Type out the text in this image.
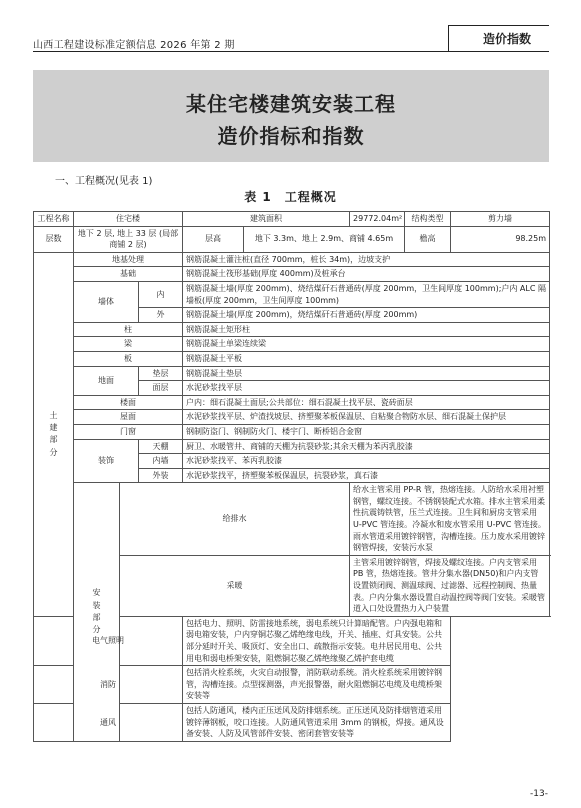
山西工程建设标准定额信息 2026 年第 2 期	造价指数
某住宅楼建筑安装工程
造价指标和指数
一、工程概况(见表 1)
表 1　工程概况
工程名称	住宅楼			建筑面积		29772.04m²	结构类型	剪力墙
层数	地下 2 层, 地上 33 层 (局部商铺 2 层)			层高	地下 3.3m、地上 2.9m、商铺 4.65m		檐高	98.25m
土建部分	地基处理			钢筋混凝土灌注桩(直径 700mm，桩长 34m)，边坡支护				
	基础			钢筋混凝土筏形基础(厚度 400mm)及桩承台				
	墙体		内	钢筋混凝土墙(厚度 200mm)、烧结煤矸石普通砖(厚度 200mm，卫生间厚度 100mm);户内 ALC 隔墙板(厚度 200mm，卫生间厚度 100mm)				
			外	钢筋混凝土墙(厚度 200mm)，烧结煤矸石普通砖(厚度 200mm)				
	柱			钢筋混凝土矩形柱				
	梁			钢筋混凝土单梁连续梁				
	板			钢筋混凝土平板				
	地面		垫层	钢筋混凝土垫层				
			面层	水泥砂浆找平层				
	楼面			户内：细石混凝土面层;公共部位：细石混凝土找平层、瓷砖面层				
	屋面			水泥砂浆找平层、炉渣找坡层、挤塑聚苯板保温层、自粘聚合物防水层、细石混凝土保护层				
	门窗			钢制防盗门、钢制防火门、楼宇门、断桥铝合金窗				
	装饰		天棚	厨卫、水暖管井、商铺的天棚为抗裂砂浆;其余天棚为苯丙乳胶漆				
			内墙	水泥砂浆找平、苯丙乳胶漆				
			外装	水泥砂浆找平，挤塑聚苯板保温层，抗裂砂浆，真石漆				
	安装部分	给排水				给水主管采用 PP-R 管，热熔连接。人防给水采用衬塑钢管，螺纹连接。不锈钢装配式水箱。排水主管采用柔性抗震铸铁管，压兰式连接。卫生间和厨房支管采用 U-PVC 管连接。冷凝水和废水管采用 U-PVC 管连接。雨水管道采用镀锌钢管，沟槽连接。压力废水采用镀锌钢管焊接，安装污水泵		
		采暖				主管采用镀锌钢管，焊接及螺纹连接。户内支管采用 PB 管，热熔连接。管井分集水器(DN50)和户内支管设置锁闭阀、测温球阀、过滤器、远程控制阀、热量表。户内分集水器设置自动温控阀等阀门安装。采暖管道入口处设置热力入户装置		
电气照明				包括电力、照明、防雷接地系统，弱电系统只计算暗配管。户内强电箱和弱电箱安装，户内穿铜芯聚乙烯绝缘电线，开关、插座、灯具安装。公共部分延时开关、吸顶灯、安全出口、疏散指示安装。电井居民用电、公共用电和弱电桥架安装，阻燃铜芯聚乙烯绝缘聚乙烯护套电缆				
消防				包括消火栓系统，火灾自动报警，消防联动系统。消火栓系统采用镀锌钢管，沟槽连接。点型探测器，声光报警器，耐火阻燃铜芯电缆及电缆桥架安装等				
通风				包括人防通风，楼内正压送风及防排烟系统。正压送风及防排烟管道采用镀锌薄钢板，咬口连接。人防通风管道采用 3mm 的钢板，焊接。通风设备安装、人防及风管部件安装、密闭套管安装等				
-13-
